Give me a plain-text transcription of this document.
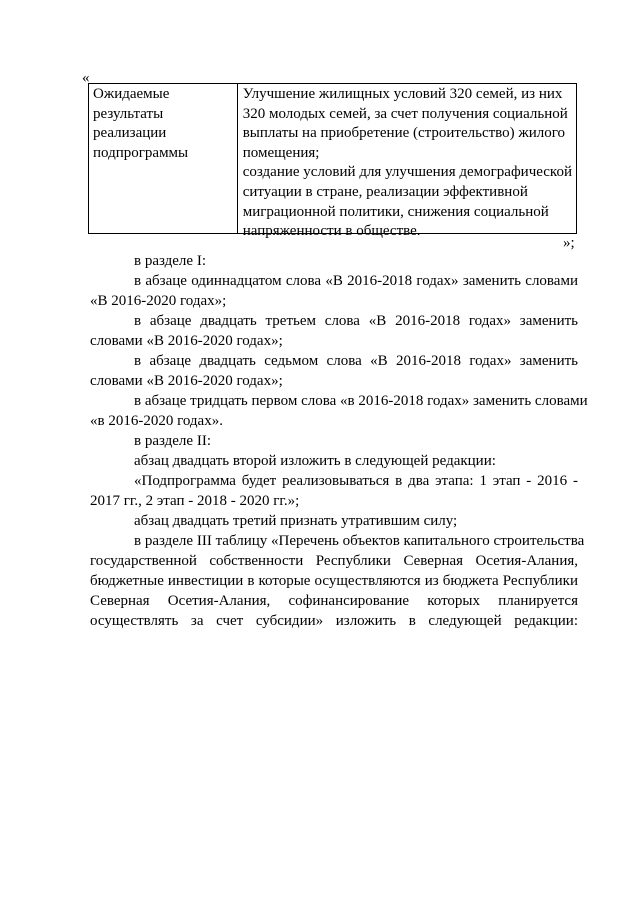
«
Ожидаемые
результаты
реализации
подпрограммы
Улучшение жилищных условий 320 семей, из них
320 молодых семей, за счет получения социальной
выплаты на приобретение (строительство) жилого
помещения;
создание условий для улучшения демографической
ситуации в стране, реализации эффективной
миграционной политики, снижения социальной
напряженности в обществе.
»;
в разделе I:
в абзаце одиннадцатом слова «В 2016-2018 годах» заменить словами
«В 2016-2020 годах»;
в абзаце двадцать третьем слова «В 2016-2018 годах» заменить
словами «В 2016-2020 годах»;
в абзаце двадцать седьмом слова «В 2016-2018 годах» заменить
словами «В 2016-2020 годах»;
в абзаце тридцать первом слова «в 2016-2018 годах» заменить словами
«в 2016-2020 годах».
в разделе II:
абзац двадцать второй изложить в следующей редакции:
«Подпрограмма будет реализовываться в два этапа: 1 этап - 2016 -
2017 гг., 2 этап - 2018 - 2020 гг.»;
абзац двадцать третий признать утратившим силу;
в разделе III таблицу «Перечень объектов капитального строительства
государственной собственности Республики Северная Осетия-Алания,
бюджетные инвестиции в которые осуществляются из бюджета Республики
Северная Осетия-Алания, софинансирование которых планируется
осуществлять за счет субсидии» изложить в следующей редакции:
